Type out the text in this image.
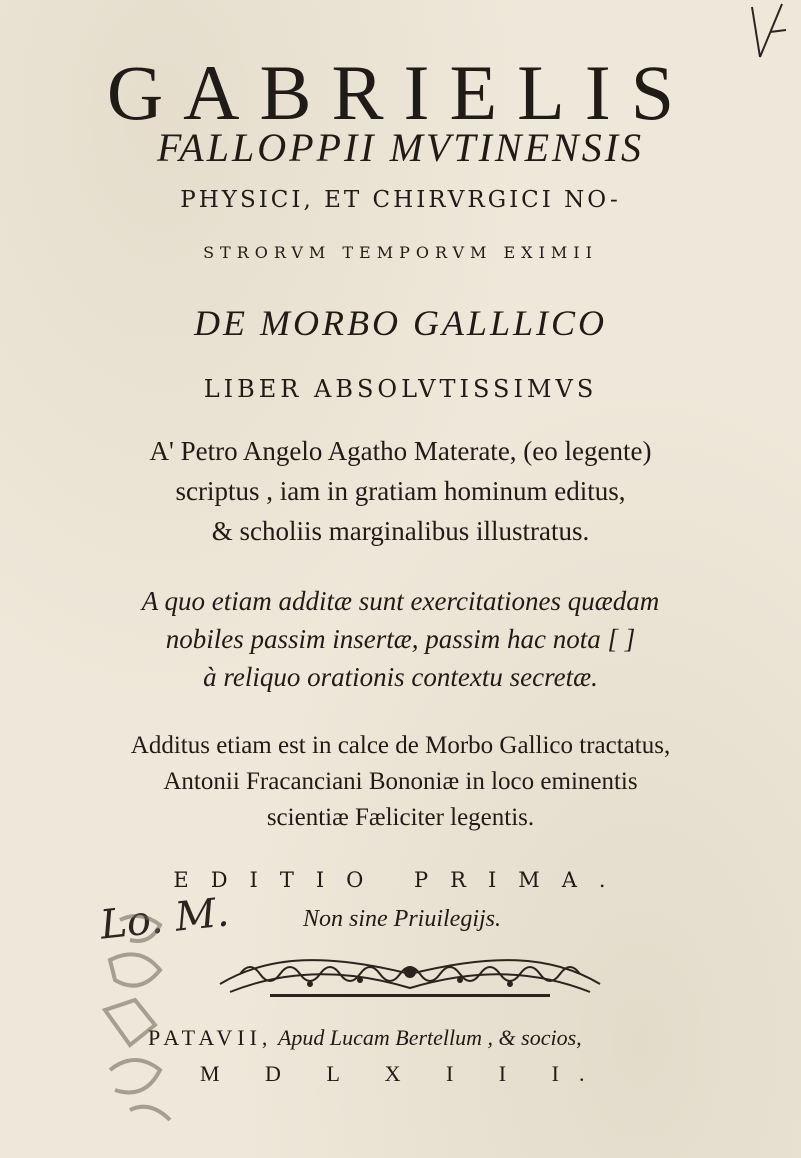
GABRIELIS
FALLOPPII MVTINENSIS
PHYSICI, ET CHIRVRGICI NO-
STRORVM TEMPORVM EXIMII
DE MORBO GALLLICO
LIBER ABSOLVTISSIMVS
A' Petro Angelo Agatho Materate, (eo legente)
scriptus , iam in gratiam hominum editus,
& scholiis marginalibus illustratus.
A quo etiam additæ sunt exercitationes quædam
nobiles passim insertæ, passim hac nota [ ]
à reliquo orationis contextu secretæ.
Additus etiam est in calce de Morbo Gallico tractatus,
Antonii Fracanciani Bononiæ in loco eminentis
scientiæ Fæliciter legentis.
EDITIO PRIMA.
Lo. M.	Non sine Priuilegijs.
PATAVII, Apud Lucam Bertellum , & socios,
M D L X I I I.
